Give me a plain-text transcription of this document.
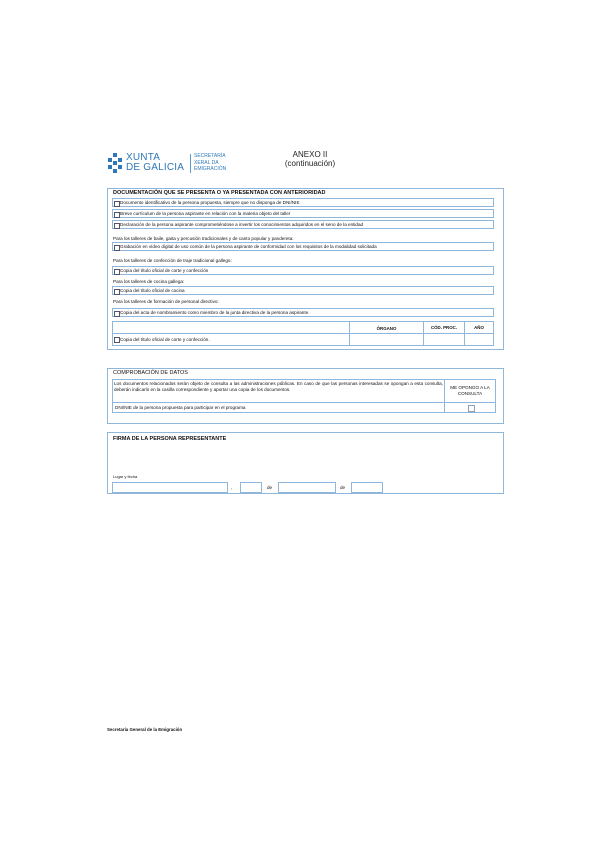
XUNTA
DE GALICIA
SECRETARÍA
XERAL DA
EMIGRACIÓN
ANEXO II
(continuación)
DOCUMENTACIÓN QUE SE PRESENTA O YA PRESENTADA CON ANTERIORIDAD
Documento identificativo de la persona propuesta, siempre que no disponga de DNI/NIE
Breve currículum de la persona aspirante en relación con la materia objeto del taller
Declaración de la persona aspirante comprometiéndose a invertir los conocimientos adquiridos en el seno de la entidad
Para los talleres de baile, gaita y percusión tradicionales y de canto popular y pandereta:
Grabación en vídeo digital de uso común de la persona aspirante de conformidad con los requisitos de la modalidad solicitada
Para los talleres de confección de traje tradicional gallego:
Copia del título oficial de corte y confección
Para los talleres de cocina gallega:
Copia del título oficial de cocina
Para los talleres de formación de personal directivo:
Copia del acta de nombramiento como miembro de la junta directiva de la persona aspirante.
ÓRGANO	CÓD. PROC.	AÑO
Copia del título oficial de corte y confección.
COMPROBACIÓN DE DATOS
Los documentos relacionados serán objeto de consulta a las administraciones públicas. En caso de que las personas interesadas se opongan a esta consulta, deberán indicarlo en la casilla correspondiente y aportar una copia de los documentos.	ME OPONGO A LA CONSULTA
DNI/NIE de la persona propuesta para participar en el programa
FIRMA DE LA PERSONA REPRESENTANTE
Lugar y fecha
,	de	de
Secretaría General de la Emigración
